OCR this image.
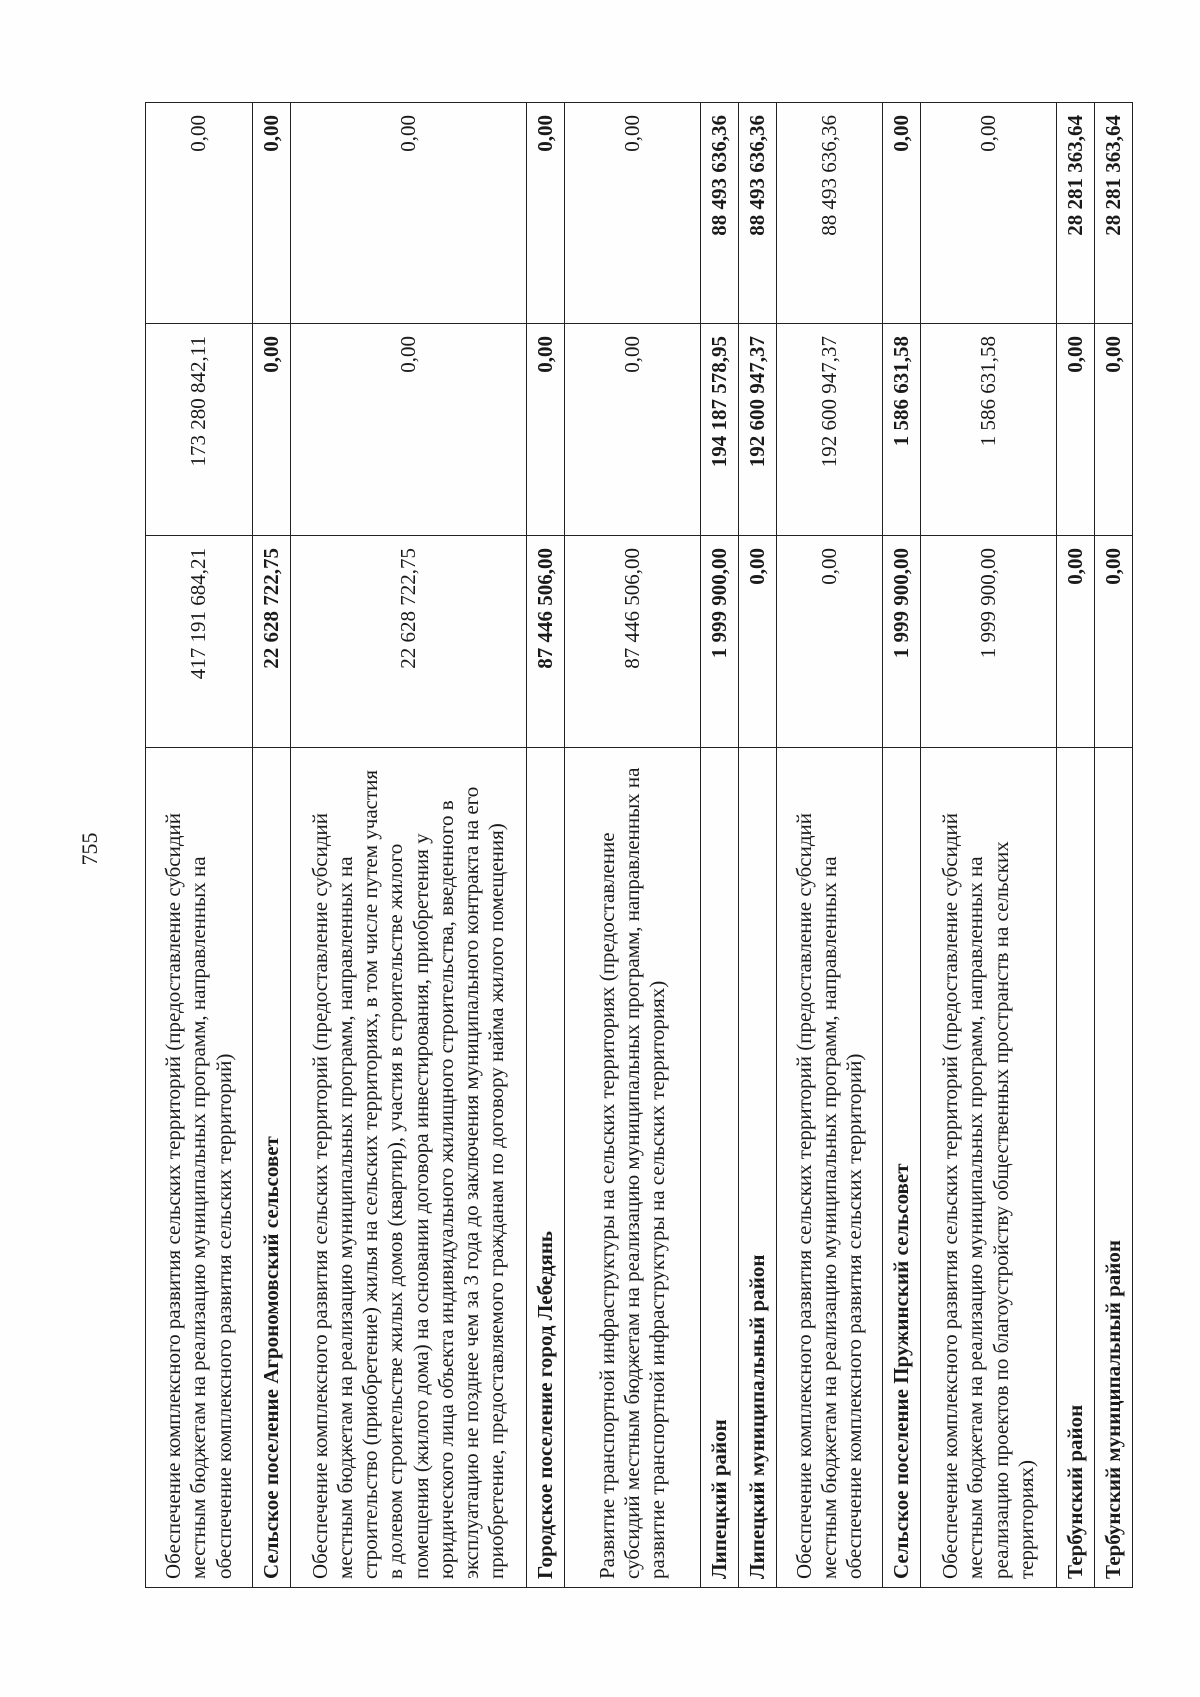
755	Обеспечение комплексного развития сельских территорий (предоставление субсидий местным бюджетам на реализацию муниципальных программ, направленных на обеспечение комплексного развития сельских территорий)	417 191 684,21	173 280 842,11	0,00
Сельское поселение Агрономовский сельсовет	22 628 722,75	0,00	0,00
Обеспечение комплексного развития сельских территорий (предоставление субсидий местным бюджетам на реализацию муниципальных программ, направленных на строительство (приобретение) жилья на сельских территориях, в том числе путем участия в долевом строительстве жилых домов (квартир), участия в строительстве жилого помещения (жилого дома) на основании договора инвестирования, приобретения у юридического лица объекта индивидуального жилищного строительства, введенного в эксплуатацию не позднее чем за 3 года до заключения муниципального контракта на его приобретение, предоставляемого гражданам по договору найма жилого помещения)	22 628 722,75	0,00	0,00
Городское поселение город Лебедянь	87 446 506,00	0,00	0,00
Развитие транспортной инфраструктуры на сельских территориях (предоставление субсидий местным бюджетам на реализацию муниципальных программ, направленных на развитие транспортной инфраструктуры на сельских территориях)	87 446 506,00	0,00	0,00
Липецкий район	1 999 900,00	194 187 578,95	88 493 636,36
Липецкий муниципальный район	0,00	192 600 947,37	88 493 636,36
Обеспечение комплексного развития сельских территорий (предоставление субсидий местным бюджетам на реализацию муниципальных программ, направленных на обеспечение комплексного развития сельских территорий)	0,00	192 600 947,37	88 493 636,36
Сельское поселение Пружинский сельсовет	1 999 900,00	1 586 631,58	0,00
Обеспечение комплексного развития сельских территорий (предоставление субсидий местным бюджетам на реализацию муниципальных программ, направленных на реализацию проектов по благоустройству общественных пространств на сельских территориях)	1 999 900,00	1 586 631,58	0,00
Тербунский район	0,00	0,00	28 281 363,64
Тербунский муниципальный район	0,00	0,00	28 281 363,64
